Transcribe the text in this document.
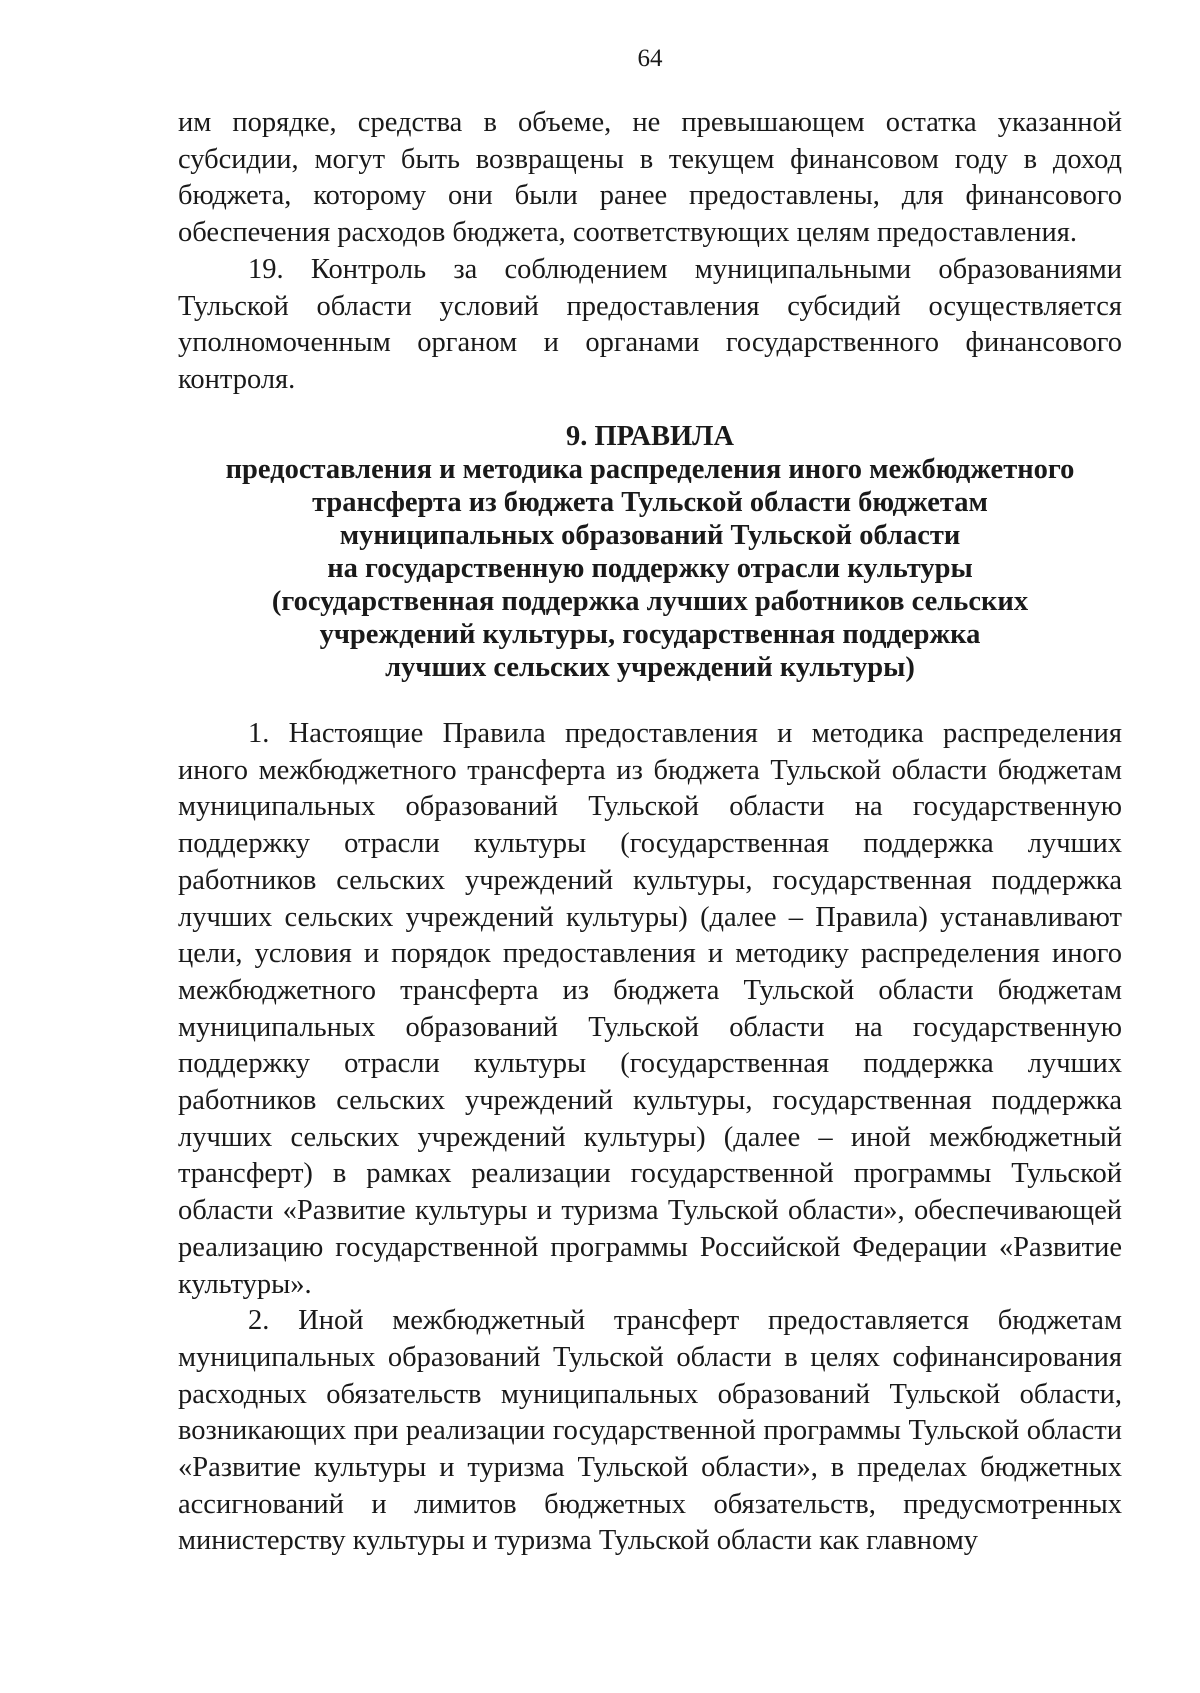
64

им порядке, средства в объеме, не превышающем остатка указанной субсидии, могут быть возвращены в текущем финансовом году в доход бюджета, которому они были ранее предоставлены, для финансового обеспечения расходов бюджета, соответствующих целям предоставления.

19. Контроль за соблюдением муниципальными образованиями Тульской области условий предоставления субсидий осуществляется уполномоченным органом и органами государственного финансового контроля.

9. ПРАВИЛА
предоставления и методика распределения иного межбюджетного
трансферта из бюджета Тульской области бюджетам
муниципальных образований Тульской области
на государственную поддержку отрасли культуры
(государственная поддержка лучших работников сельских
учреждений культуры, государственная поддержка
лучших сельских учреждений культуры)

1. Настоящие Правила предоставления и методика распределения иного межбюджетного трансферта из бюджета Тульской области бюджетам муниципальных образований Тульской области на государственную поддержку отрасли культуры (государственная поддержка лучших работников сельских учреждений культуры, государственная поддержка лучших сельских учреждений культуры) (далее – Правила) устанавливают цели, условия и порядок предоставления и методику распределения иного межбюджетного трансферта из бюджета Тульской области бюджетам муниципальных образований Тульской области на государственную поддержку отрасли культуры (государственная поддержка лучших работников сельских учреждений культуры, государственная поддержка лучших сельских учреждений культуры) (далее – иной межбюджетный трансферт) в рамках реализации государственной программы Тульской области «Развитие культуры и туризма Тульской области», обеспечивающей реализацию государственной программы Российской Федерации «Развитие культуры».

2. Иной межбюджетный трансферт предоставляется бюджетам муниципальных образований Тульской области в целях софинансирования расходных обязательств муниципальных образований Тульской области, возникающих при реализации государственной программы Тульской области «Развитие культуры и туризма Тульской области», в пределах бюджетных ассигнований и лимитов бюджетных обязательств, предусмотренных министерству культуры и туризма Тульской области как главному
